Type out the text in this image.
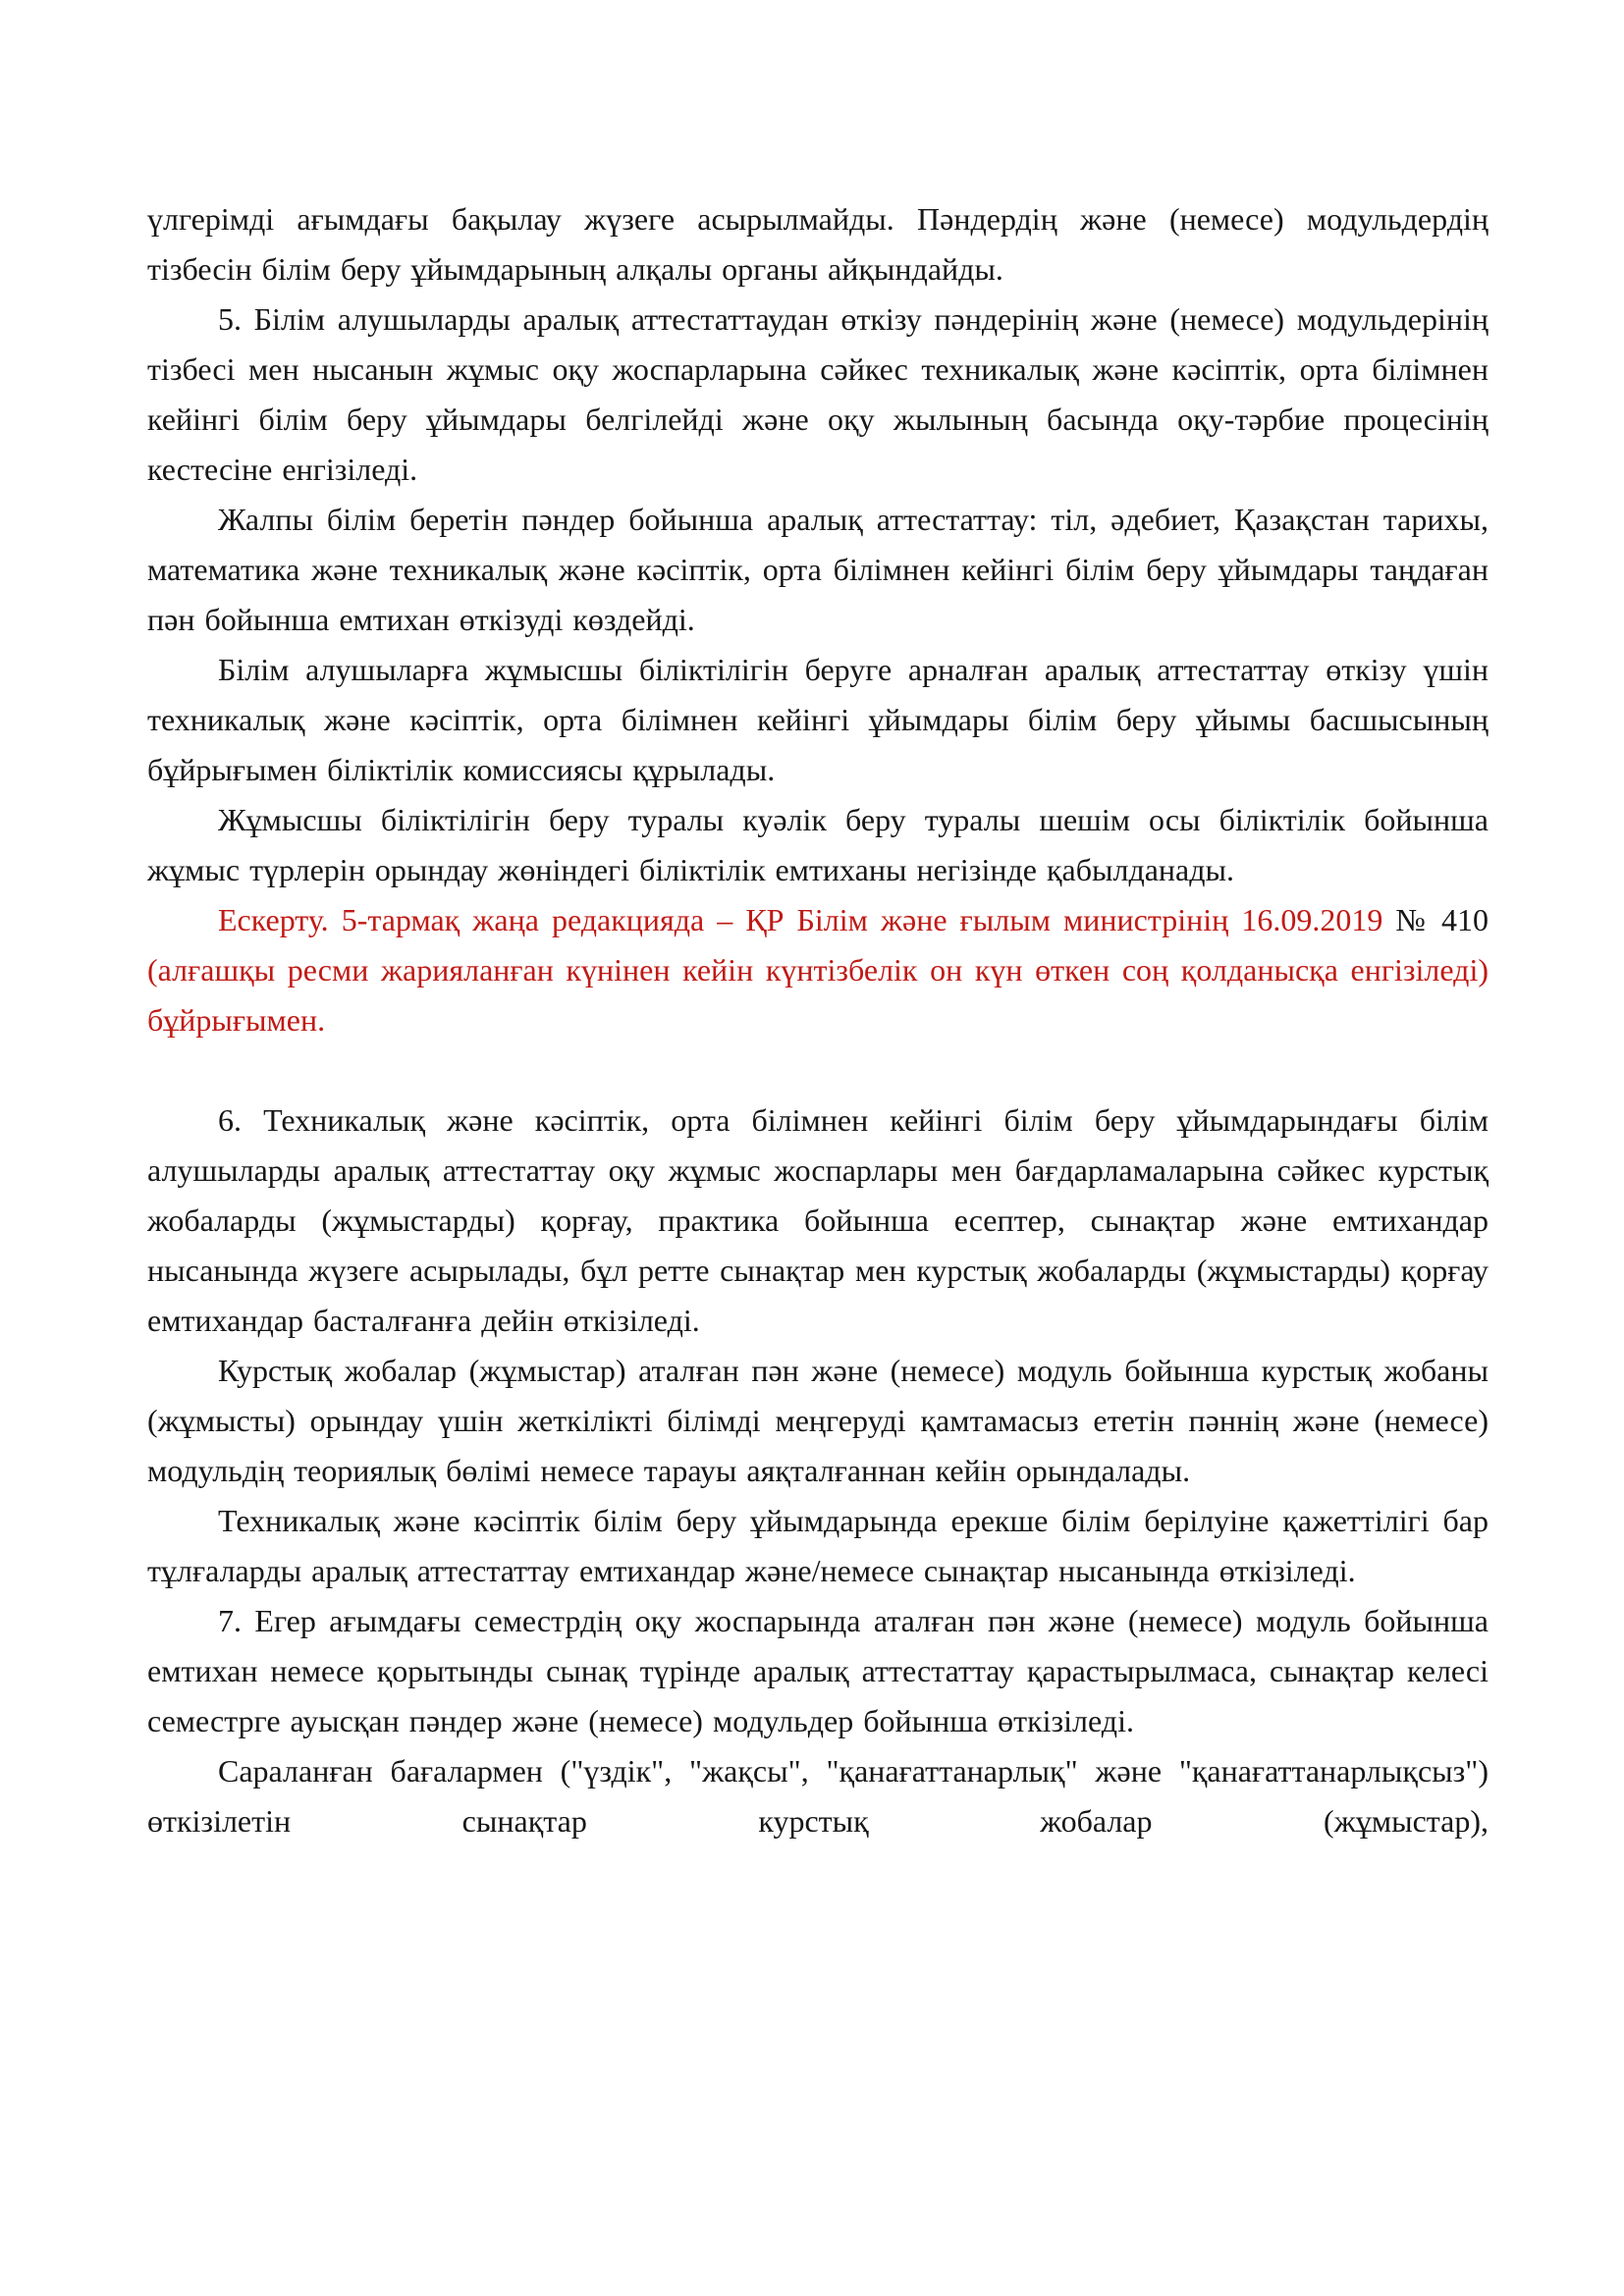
үлгерімді ағымдағы бақылау жүзеге асырылмайды. Пәндердің және (немесе) модульдердің тізбесін білім беру ұйымдарының алқалы органы айқындайды.

5. Білім алушыларды аралық аттестаттаудан өткізу пәндерінің және (немесе) модульдерінің тізбесі мен нысанын жұмыс оқу жоспарларына сәйкес техникалық және кәсіптік, орта білімнен кейінгі білім беру ұйымдары белгілейді және оқу жылының басында оқу-тәрбие процесінің кестесіне енгізіледі.

Жалпы білім беретін пәндер бойынша аралық аттестаттау: тіл, әдебиет, Қазақстан тарихы, математика және техникалық және кәсіптік, орта білімнен кейінгі білім беру ұйымдары таңдаған пән бойынша емтихан өткізуді көздейді.

Білім алушыларға жұмысшы біліктілігін беруге арналған аралық аттестаттау өткізу үшін техникалық және кәсіптік, орта білімнен кейінгі ұйымдары білім беру ұйымы басшысының бұйрығымен біліктілік комиссиясы құрылады.

Жұмысшы біліктілігін беру туралы куәлік беру туралы шешім осы біліктілік бойынша жұмыс түрлерін орындау жөніндегі біліктілік емтиханы негізінде қабылданады.

Ескерту. 5-тармақ жаңа редакцияда – ҚР Білім және ғылым министрінің 16.09.2019 № 410 (алғашқы ресми жарияланған күнінен кейін күнтізбелік он күн өткен соң қолданысқа енгізіледі) бұйрығымен.

6. Техникалық және кәсіптік, орта білімнен кейінгі білім беру ұйымдарындағы білім алушыларды аралық аттестаттау оқу жұмыс жоспарлары мен бағдарламаларына сәйкес курстық жобаларды (жұмыстарды) қорғау, практика бойынша есептер, сынақтар және емтихандар нысанында жүзеге асырылады, бұл ретте сынақтар мен курстық жобаларды (жұмыстарды) қорғау емтихандар басталғанға дейін өткізіледі.

Курстық жобалар (жұмыстар) аталған пән және (немесе) модуль бойынша курстық жобаны (жұмысты) орындау үшін жеткілікті білімді меңгеруді қамтамасыз ететін пәннің және (немесе) модульдің теориялық бөлімі немесе тарауы аяқталғаннан кейін орындалады.

Техникалық және кәсіптік білім беру ұйымдарында ерекше білім берілуіне қажеттілігі бар тұлғаларды аралық аттестаттау емтихандар және/немесе сынақтар нысанында өткізіледі.

7. Егер ағымдағы семестрдің оқу жоспарында аталған пән және (немесе) модуль бойынша емтихан немесе қорытынды сынақ түрінде аралық аттестаттау қарастырылмаса, сынақтар келесі семестрге ауысқан пәндер және (немесе) модульдер бойынша өткізіледі.

Сараланған бағалармен ("үздік", "жақсы", "қанағаттанарлық" және "қанағаттанарлықсыз") өткізілетін сынақтар курстық жобалар (жұмыстар),
